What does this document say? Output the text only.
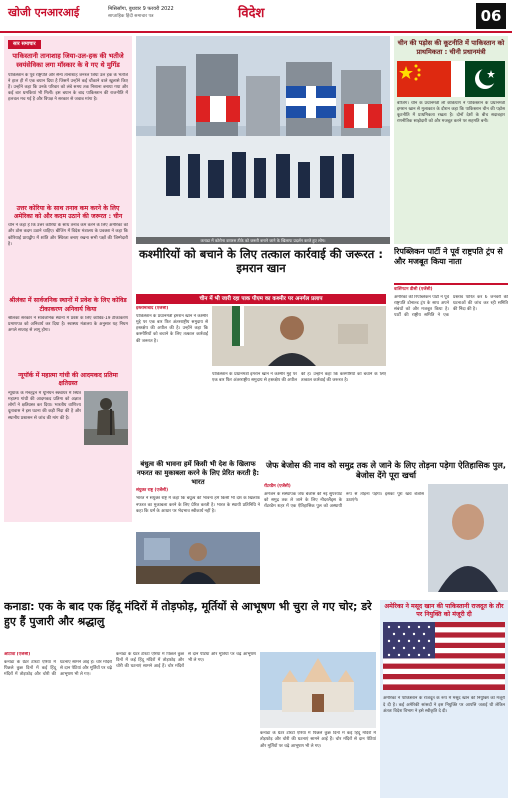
खोजी एनआरआई	मिसिसॉगा, बुधवार 9 फरवरी 2022
साप्ताहिक हिंदी समाचार पत्र	विदेश	06
सार समाचार
पाकिस्तानी तानाशाह जिया-उल-हक की भतीजे स्वयंसेविका लगा मॉस्कार के वे गए थे मुर्गिड
पाकिस्तान के पूर्व राष्ट्रपति और सैन्य तानाशाह जनरल जिया उल हक के भतीजे ने हाल ही में एक बयान दिया है जिसमें उन्होंने कई चौंकाने वाले खुलासे किए हैं। उन्होंने कहा कि उनके परिवार को लंबे समय तक निशाना बनाया गया और कई बार धमकियां भी मिलीं। इस बयान के बाद पाकिस्तान की राजनीति में हलचल मच गई है और विपक्ष ने सरकार से जवाब मांगा है।
उत्तर कोरिया के साथ तनाव कम करने के लिए अमेरिका को और कदम उठाने की जरूरत : चीन
चीन ने कहा है कि उत्तर कोरिया के साथ तनाव कम करने के लिए अमेरिका को और ठोस कदम उठाने चाहिए। बीजिंग में विदेश मंत्रालय के प्रवक्ता ने कहा कि कोरियाई प्रायद्वीप में शांति और स्थिरता बनाए रखना सभी पक्षों की जिम्मेदारी है।
श्रीलंका में सार्वजनिक स्थानों में प्रवेश के लिए कोविड टीकाकरण अनिवार्य किया
श्रीलंका सरकार ने सार्वजनिक स्थानों में प्रवेश के लिए कोविड-19 टीकाकरण प्रमाणपत्र को अनिवार्य कर दिया है। स्वास्थ्य मंत्रालय के अनुसार यह नियम अगले सप्ताह से लागू होगा।
न्यूयॉर्क में महात्मा गांधी की आदमकद प्रतिमा क्षतिग्रस्त
न्यूयॉर्क के मैनहट्टन में यूनियन स्क्वायर में स्थित महात्मा गांधी की आदमकद प्रतिमा को अज्ञात लोगों ने क्षतिग्रस्त कर दिया। भारतीय वाणिज्य दूतावास ने इस घटना की कड़ी निंदा की है और स्थानीय प्रशासन से जांच की मांग की है।
कनाडा में कोरोना वायरस टीके को जरूरी बनाने जाने के खिलाफ प्रदर्शन करते हुए लोग।
चीन की पड़ोस की कूटनीति में पाकिस्तान को प्राथमिकता : चीनी प्रधानमंत्री
बीजिंग। चीन के प्रधानमंत्री ली केकियांग ने पाकिस्तान के प्रधानमंत्री इमरान खान से मुलाकात के दौरान कहा कि पाकिस्तान चीन की पड़ोस कूटनीति में प्राथमिकता रखता है। दोनों देशों के बीच सदाबहार रणनीतिक साझेदारी को और मजबूत करने पर सहमति बनी।
कश्मीरियों को बचाने के लिए तत्काल कार्रवाई की जरूरत : इमरान खान
चीन में भी जारी रहा पाक पीएम का कश्मीर पर अनर्गल प्रलाप
इस्लामाबाद (एजेंसी)
पाकिस्तान के प्रधानमंत्री इमरान खान ने कश्मीर मुद्दे पर एक बार फिर अंतरराष्ट्रीय समुदाय से हस्तक्षेप की अपील की है। उन्होंने कहा कि कश्मीरियों को बचाने के लिए तत्काल कार्रवाई की जरूरत है।
पाकिस्तान के प्रधानमंत्री इमरान खान ने कश्मीर मुद्दे पर एक बार फिर अंतरराष्ट्रीय समुदाय से हस्तक्षेप की अपील की है। उन्होंने कहा कि कश्मीरियों को बचाने के लिए तत्काल कार्रवाई की जरूरत है।
रिपब्लिकन पार्टी ने पूर्व राष्ट्रपति ट्रंप से और मजबूत किया नाता
वाशिंगटन डीसी (एजेंसी)
अमेरिका की रिपब्लिकन पार्टी ने पूर्व राष्ट्रपति डोनाल्ड ट्रंप के साथ अपने संबंधों को और मजबूत किया है। पार्टी की राष्ट्रीय समिति ने एक प्रस्ताव पारित कर 6 जनवरी की घटनाओं की जांच कर रही समिति की निंदा की है।
बंधुत्व की भावना हमें किसी भी देश के खिलाफ नफरत का मुकाबला करने के लिए प्रेरित करती है: भारत
संयुक्त राष्ट्र (एजेंसी)
भारत ने संयुक्त राष्ट्र में कहा कि बंधुत्व की भावना हमें किसी भी देश के खिलाफ नफरत का मुकाबला करने के लिए प्रेरित करती है। भारत के स्थायी प्रतिनिधि ने कहा कि धर्म के आधार पर भेदभाव स्वीकार्य नहीं है।
जेफ बेजोस की नाव को समुद्र तक ले जाने के लिए तोड़ना पड़ेगा ऐतिहासिक पुल, बेजोस देंगे पूरा खर्चा
रॉटरडैम (एजेंसी)
अमेजन के संस्थापक जेफ बेजोस की नई सुपरयॉट को समुद्र तक ले जाने के लिए नीदरलैंड्स के रॉटरडैम शहर में एक ऐतिहासिक पुल को अस्थायी रूप से तोड़ना पड़ेगा। इसका पूरा खर्च बेजोस उठाएंगे।
कनाडा: एक के बाद एक हिंदू मंदिरों में तोड़फोड़, मूर्तियों से आभूषण भी चुरा ले गए चोर; डरे हुए हैं पुजारी और श्रद्धालु
ओटावा (एजेंसी)
कनाडा के ग्रेटर टोरंटो एरिया में पिछले कुछ दिनों में कई हिंदू मंदिरों में तोड़फोड़ और चोरी की घटनाएं सामने आई हैं। चोर मंदिरों से दान पेटियां और मूर्तियों पर चढ़े आभूषण भी ले गए।
कनाडा के ग्रेटर टोरंटो एरिया में पिछले कुछ दिनों में कई हिंदू मंदिरों में तोड़फोड़ और चोरी की घटनाएं सामने आई हैं। चोर मंदिरों से दान पेटियां और मूर्तियों पर चढ़े आभूषण भी ले गए।
कनाडा के ग्रेटर टोरंटो एरिया में पिछले कुछ दिनों में कई हिंदू मंदिरों में तोड़फोड़ और चोरी की घटनाएं सामने आई हैं। चोर मंदिरों से दान पेटियां और मूर्तियों पर चढ़े आभूषण भी ले गए।
अमेरिका ने मसूद खान की पाकिस्तानी राजदूत के तौर पर नियुक्ति को मंजूरी दी
अमेरिका ने पाकिस्तान के राजदूत के रूप में मसूद खान की नियुक्ति को मंजूरी दे दी है। कई अमेरिकी सांसदों ने इस नियुक्ति पर आपत्ति जताई थी लेकिन अंततः विदेश विभाग ने इसे स्वीकृति दे दी।
